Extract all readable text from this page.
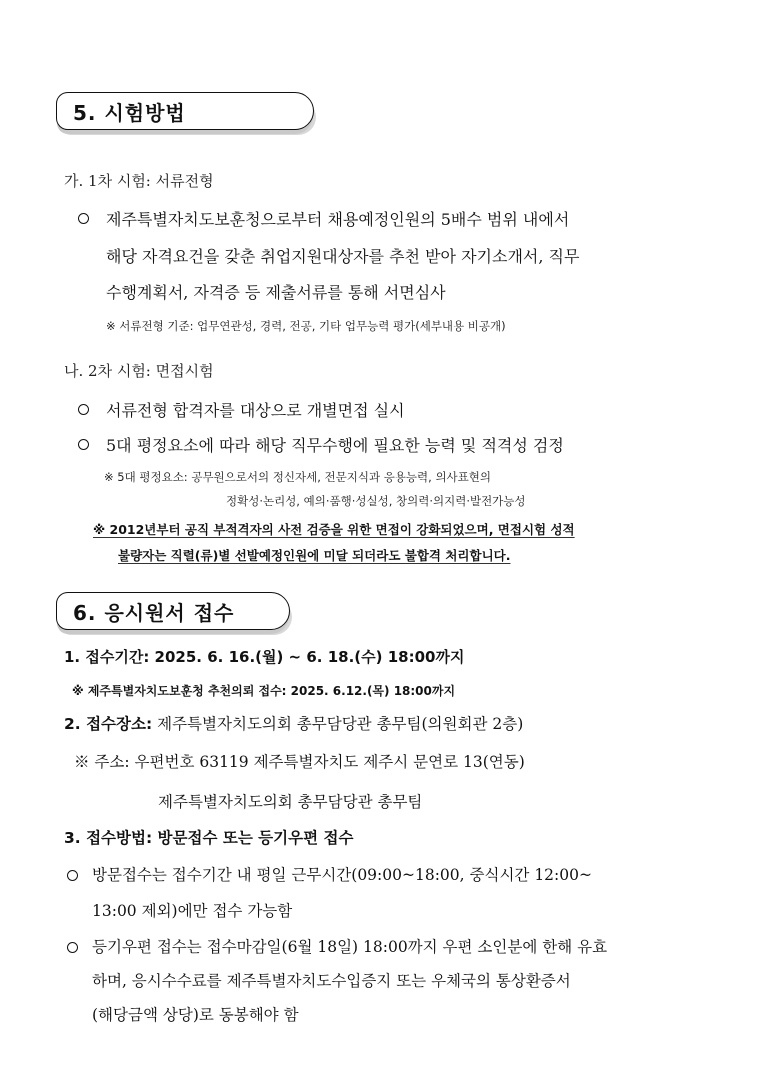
5. 시험방법
가. 1차 시험: 서류전형
제주특별자치도보훈청으로부터 채용예정인원의 5배수 범위 내에서
해당 자격요건을 갖춘 취업지원대상자를 추천 받아 자기소개서, 직무
수행계획서, 자격증 등 제출서류를 통해 서면심사
※ 서류전형 기준: 업무연관성, 경력, 전공, 기타 업무능력 평가(세부내용 비공개)
나. 2차 시험: 면접시험
서류전형 합격자를 대상으로 개별면접 실시
5대 평정요소에 따라 해당 직무수행에 필요한 능력 및 적격성 검정
※ 5대 평정요소: 공무원으로서의 정신자세, 전문지식과 응용능력, 의사표현의
정확성·논리성, 예의·품행·성실성, 창의력·의지력·발전가능성
※ 2012년부터 공직 부적격자의 사전 검증을 위한 면접이 강화되었으며, 면접시험 성적
불량자는 직렬(류)별 선발예정인원에 미달 되더라도 불합격 처리합니다.
6. 응시원서 접수
1. 접수기간: 2025. 6. 16.(월) ~ 6. 18.(수) 18:00까지
※ 제주특별자치도보훈청 추천의뢰 접수: 2025. 6.12.(목) 18:00까지
2. 접수장소: 제주특별자치도의회 총무담당관 총무팀(의원회관 2층)
※ 주소: 우편번호 63119 제주특별자치도 제주시 문연로 13(연동)
제주특별자치도의회 총무담당관 총무팀
3. 접수방법: 방문접수 또는 등기우편 접수
방문접수는 접수기간 내 평일 근무시간(09:00~18:00, 중식시간 12:00~
13:00 제외)에만 접수 가능함
등기우편 접수는 접수마감일(6월 18일) 18:00까지 우편 소인분에 한해 유효
하며, 응시수수료를 제주특별자치도수입증지 또는 우체국의 통상환증서
(해당금액 상당)로 동봉해야 함
